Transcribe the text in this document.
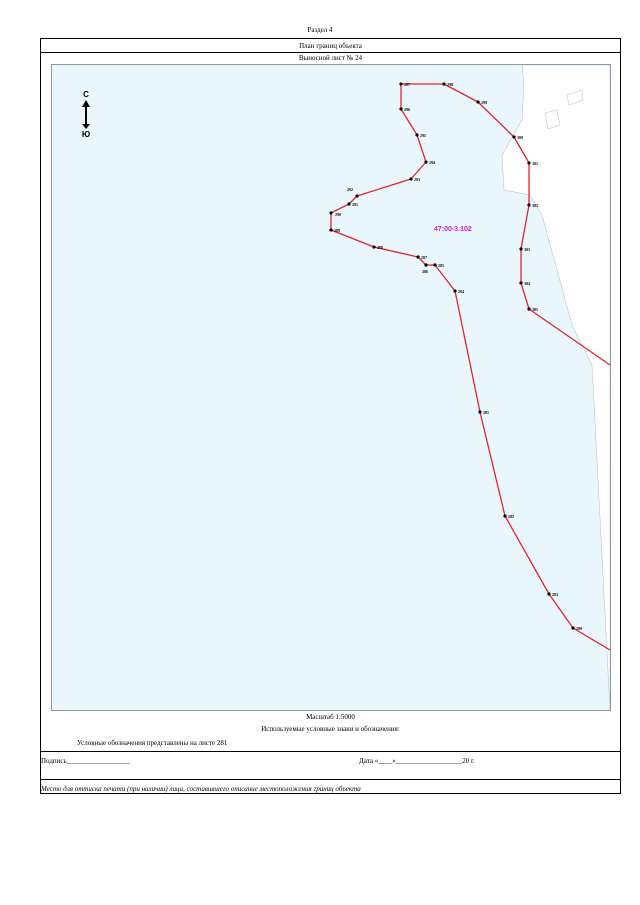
Раздел 4
План границ объекта
Выносной лист № 24
297	298
299
300
301
302
303
304
305
296
295
294
293
292
291
290
289
288
287
286
285
284
281
282
283
280
47:00-3.102
С
Ю
Масштаб 1:5000
Используемые условные знаки и обозначения:
Условные обозначения представлены на листе 281
Подпись__________________	Дата «____»___________________20 г.
Место для оттиска печати (при наличии) лица, составившего описание местоположения границ объекта
